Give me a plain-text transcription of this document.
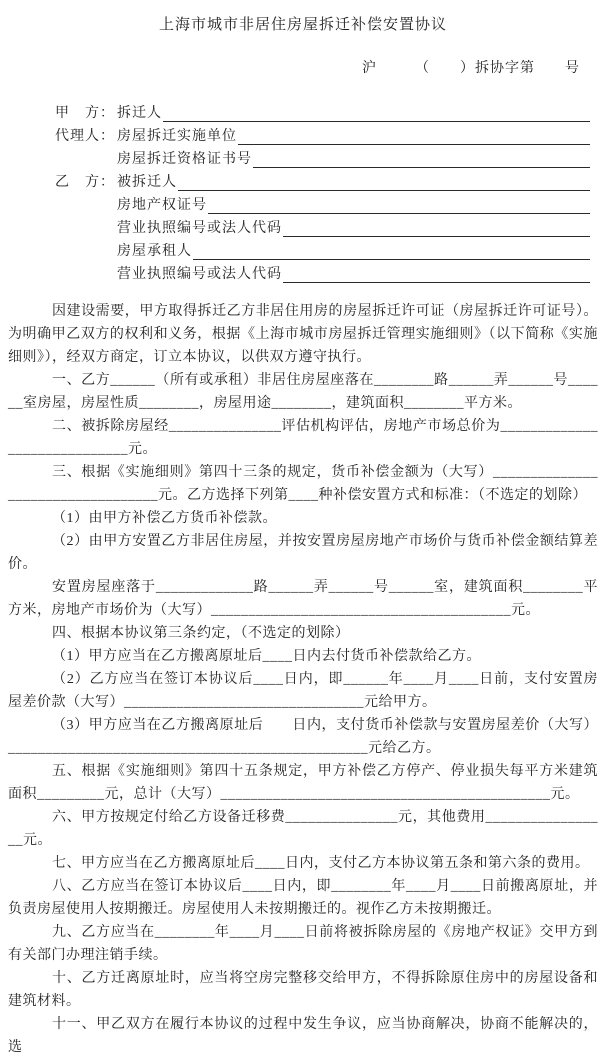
上海市城市非居住房屋拆迁补偿安置协议
沪　　　（　　）拆协字第　　号
甲　方： 拆迁人
代理人： 房屋拆迁实施单位
房屋拆迁资格证书号
乙　方： 被拆迁人
房地产权证号
营业执照编号或法人代码
房屋承租人
营业执照编号或法人代码

因建设需要，甲方取得拆迁乙方非居住用房的房屋拆迁许可证（房屋拆迁许可证号）。为明确甲乙双方的权利和义务，根据《上海市城市房屋拆迁管理实施细则》（以下简称《实施细则》），经双方商定，订立本协议，以供双方遵守执行。

一、乙方______（所有或承租）非居住房屋座落在________路______弄______号______室房屋，房屋性质________，房屋用途________，建筑面积________平方米。

二、被拆除房屋经_______________评估机构评估，房地产市场总价为_____________________________元。

三、根据《实施细则》第四十三条的规定，货币补偿金额为（大写）__________________________________元。乙方选择下列第____种补偿安置方式和标准：（不选定的划除）

（1）由甲方补偿乙方货币补偿款。

（2）由甲方安置乙方非居住房屋，并按安置房屋房地产市场价与货币补偿金额结算差价。

安置房屋座落于_____________路______弄______号______室，建筑面积________平方米，房地产市场价为（大写）________________________________________元。

四、根据本协议第三条约定，（不选定的划除）

（1）甲方应当在乙方搬离原址后____日内去付货币补偿款给乙方。

（2）乙方应当在签订本协议后____日内，即______年____月____日前，支付安置房屋差价款（大写）________________________________元给甲方。

（3）甲方应当在乙方搬离原址后　　日内，支付货币补偿款与安置房屋差价（大写）________________________________________________元给乙方。

五、根据《实施细则》第四十五条规定，甲方补偿乙方停产、停业损失每平方米建筑面积_________元，总计（大写）____________________________________________元。

六、甲方按规定付给乙方设备迁移费_______________元，其他费用_________________元。

七、甲方应当在乙方搬离原址后____日内，支付乙方本协议第五条和第六条的费用。

八、乙方应当在签订本协议后____日内，即________年____月____日前搬离原址，并负责房屋使用人按期搬迁。房屋使用人未按期搬迁的。视作乙方未按期搬迁。

九、乙方应当在________年____月____日前将被拆除房屋的《房地产权证》交甲方到有关部门办理注销手续。

十、乙方迁离原址时，应当将空房完整移交给甲方，不得拆除原住房中的房屋设备和建筑材料。

十一、甲乙双方在履行本协议的过程中发生争议，应当协商解决，协商不能解决的，选
